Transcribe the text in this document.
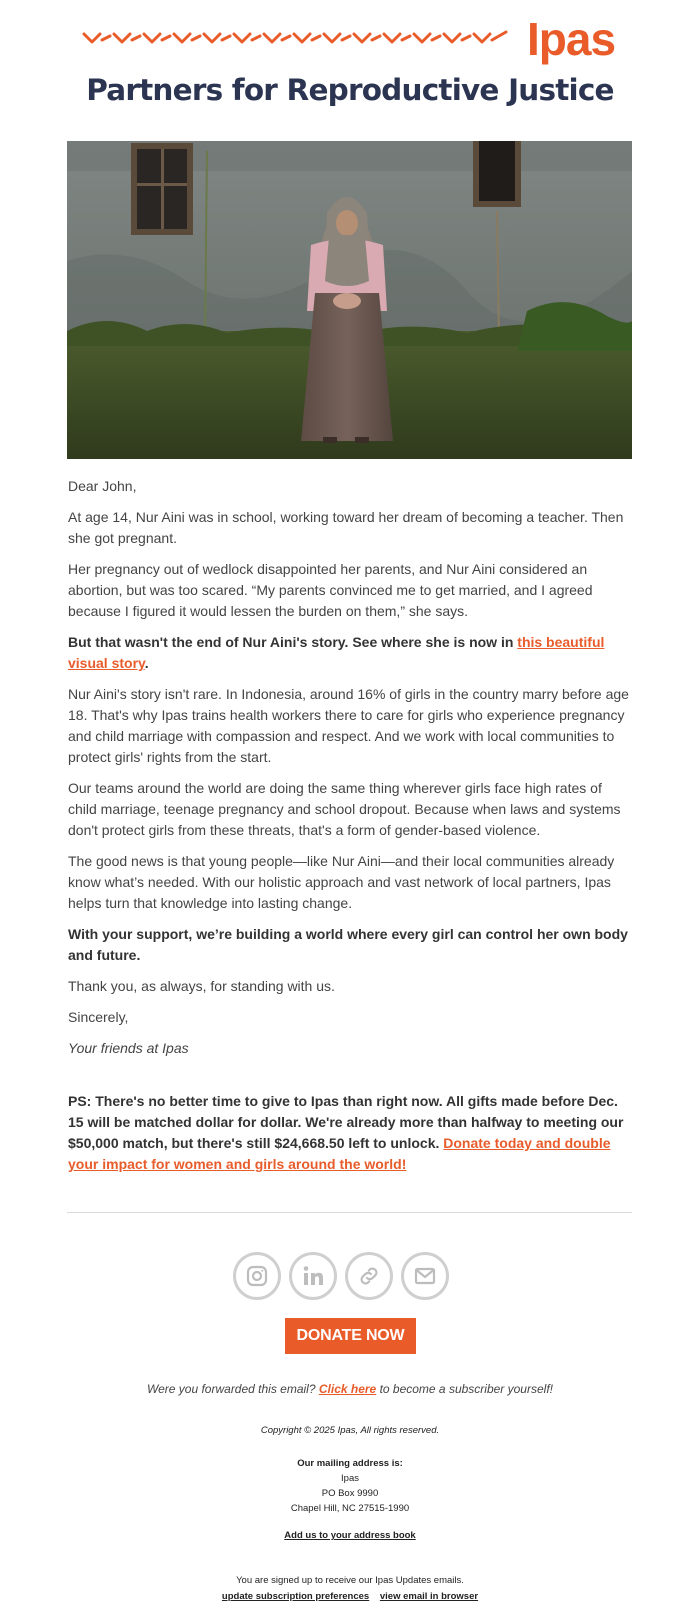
Ipas
Partners for Reproductive Justice

Dear John,

At age 14, Nur Aini was in school, working toward her dream of becoming a teacher. Then she got pregnant.

Her pregnancy out of wedlock disappointed her parents, and Nur Aini considered an abortion, but was too scared. “My parents convinced me to get married, and I agreed because I figured it would lessen the burden on them,” she says.

But that wasn't the end of Nur Aini's story. See where she is now in this beautiful visual story.

Nur Aini's story isn't rare. In Indonesia, around 16% of girls in the country marry before age 18. That's why Ipas trains health workers there to care for girls who experience pregnancy and child marriage with compassion and respect. And we work with local communities to protect girls' rights from the start.

Our teams around the world are doing the same thing wherever girls face high rates of child marriage, teenage pregnancy and school dropout. Because when laws and systems don't protect girls from these threats, that's a form of gender-based violence.

The good news is that young people—like Nur Aini—and their local communities already know what’s needed. With our holistic approach and vast network of local partners, Ipas helps turn that knowledge into lasting change.

With your support, we’re building a world where every girl can control her own body and future.

Thank you, as always, for standing with us.

Sincerely,

Your friends at Ipas

PS: There's no better time to give to Ipas than right now. All gifts made before Dec. 15 will be matched dollar for dollar. We're already more than halfway to meeting our $50,000 match, but there's still $24,668.50 left to unlock. Donate today and double your impact for women and girls around the world!

DONATE NOW
Were you forwarded this email? Click here to become a subscriber yourself!
Copyright © 2025 Ipas, All rights reserved.
Our mailing address is:
Ipas
PO Box 9990
Chapel Hill, NC 27515-1990
Add us to your address book
You are signed up to receive our Ipas Updates emails.
update subscription preferences view email in browser
